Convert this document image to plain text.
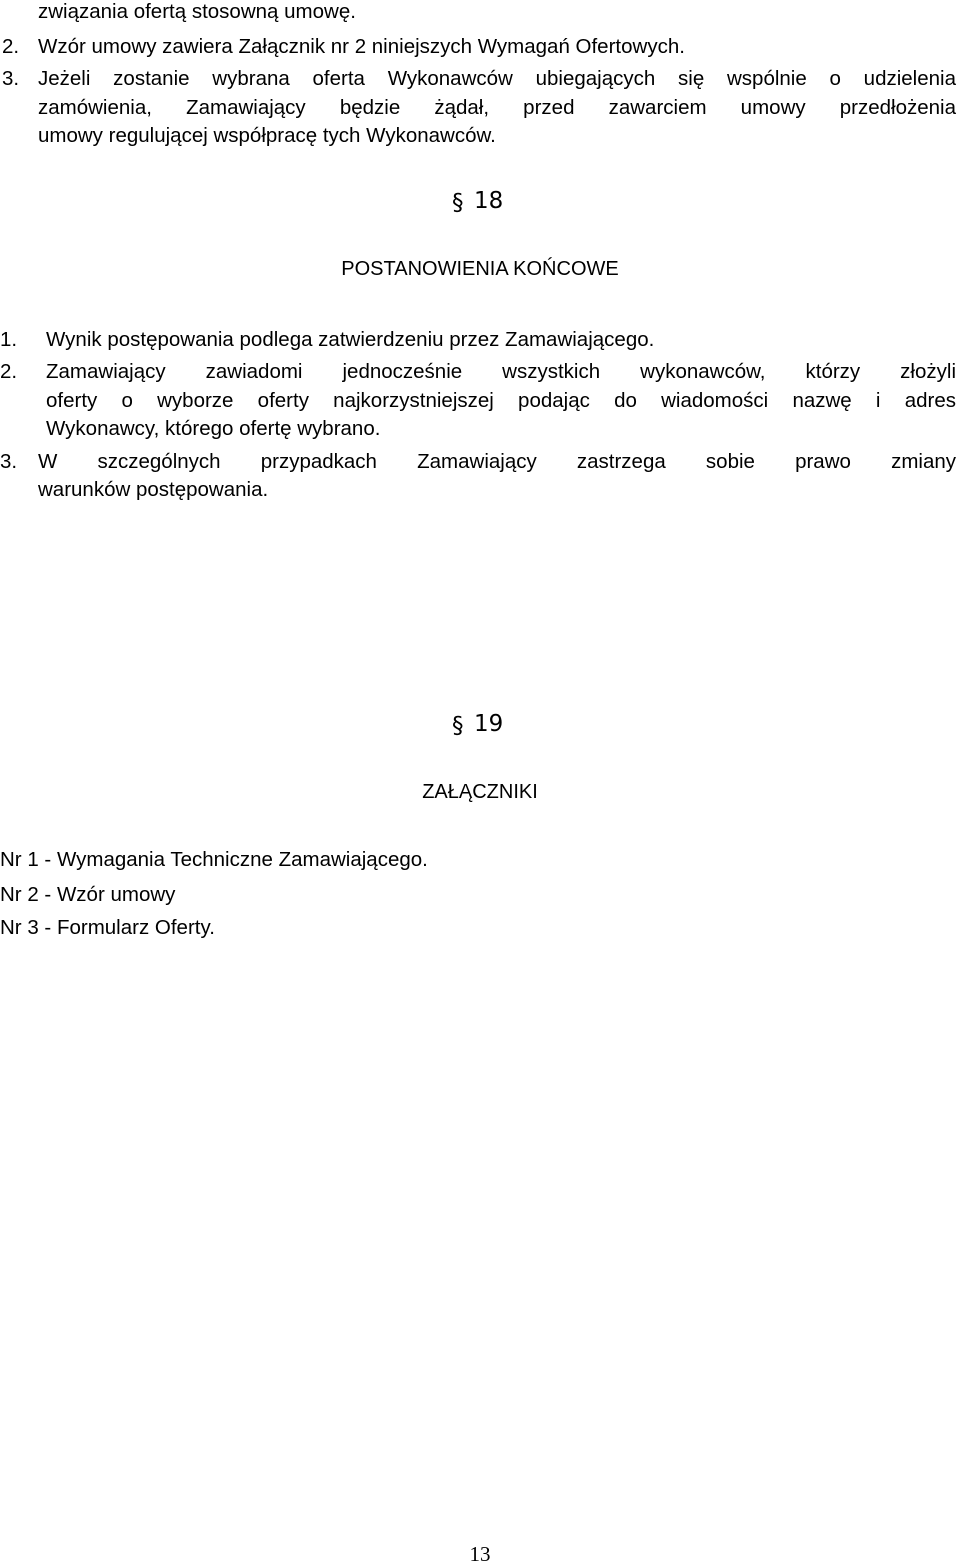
związania ofertą stosowną umowę.
2. Wzór umowy zawiera Załącznik nr 2 niniejszych Wymagań Ofertowych.
3. Jeżeli zostanie wybrana oferta Wykonawców ubiegających się wspólnie o udzielenia
zamówienia, Zamawiający będzie żądał, przed zawarciem umowy przedłożenia
umowy regulującej współpracę tych Wykonawców.
§ 18
POSTANOWIENIA KOŃCOWE
1. Wynik postępowania podlega zatwierdzeniu przez Zamawiającego.
2. Zamawiający zawiadomi jednocześnie wszystkich wykonawców, którzy złożyli
oferty o wyborze oferty najkorzystniejszej podając do wiadomości nazwę i adres
Wykonawcy, którego ofertę wybrano.
3. W szczególnych przypadkach Zamawiający zastrzega sobie prawo zmiany
warunków postępowania.
§ 19
ZAŁĄCZNIKI
Nr 1 - Wymagania Techniczne Zamawiającego.
Nr 2 - Wzór umowy
Nr 3 - Formularz Oferty.
13
